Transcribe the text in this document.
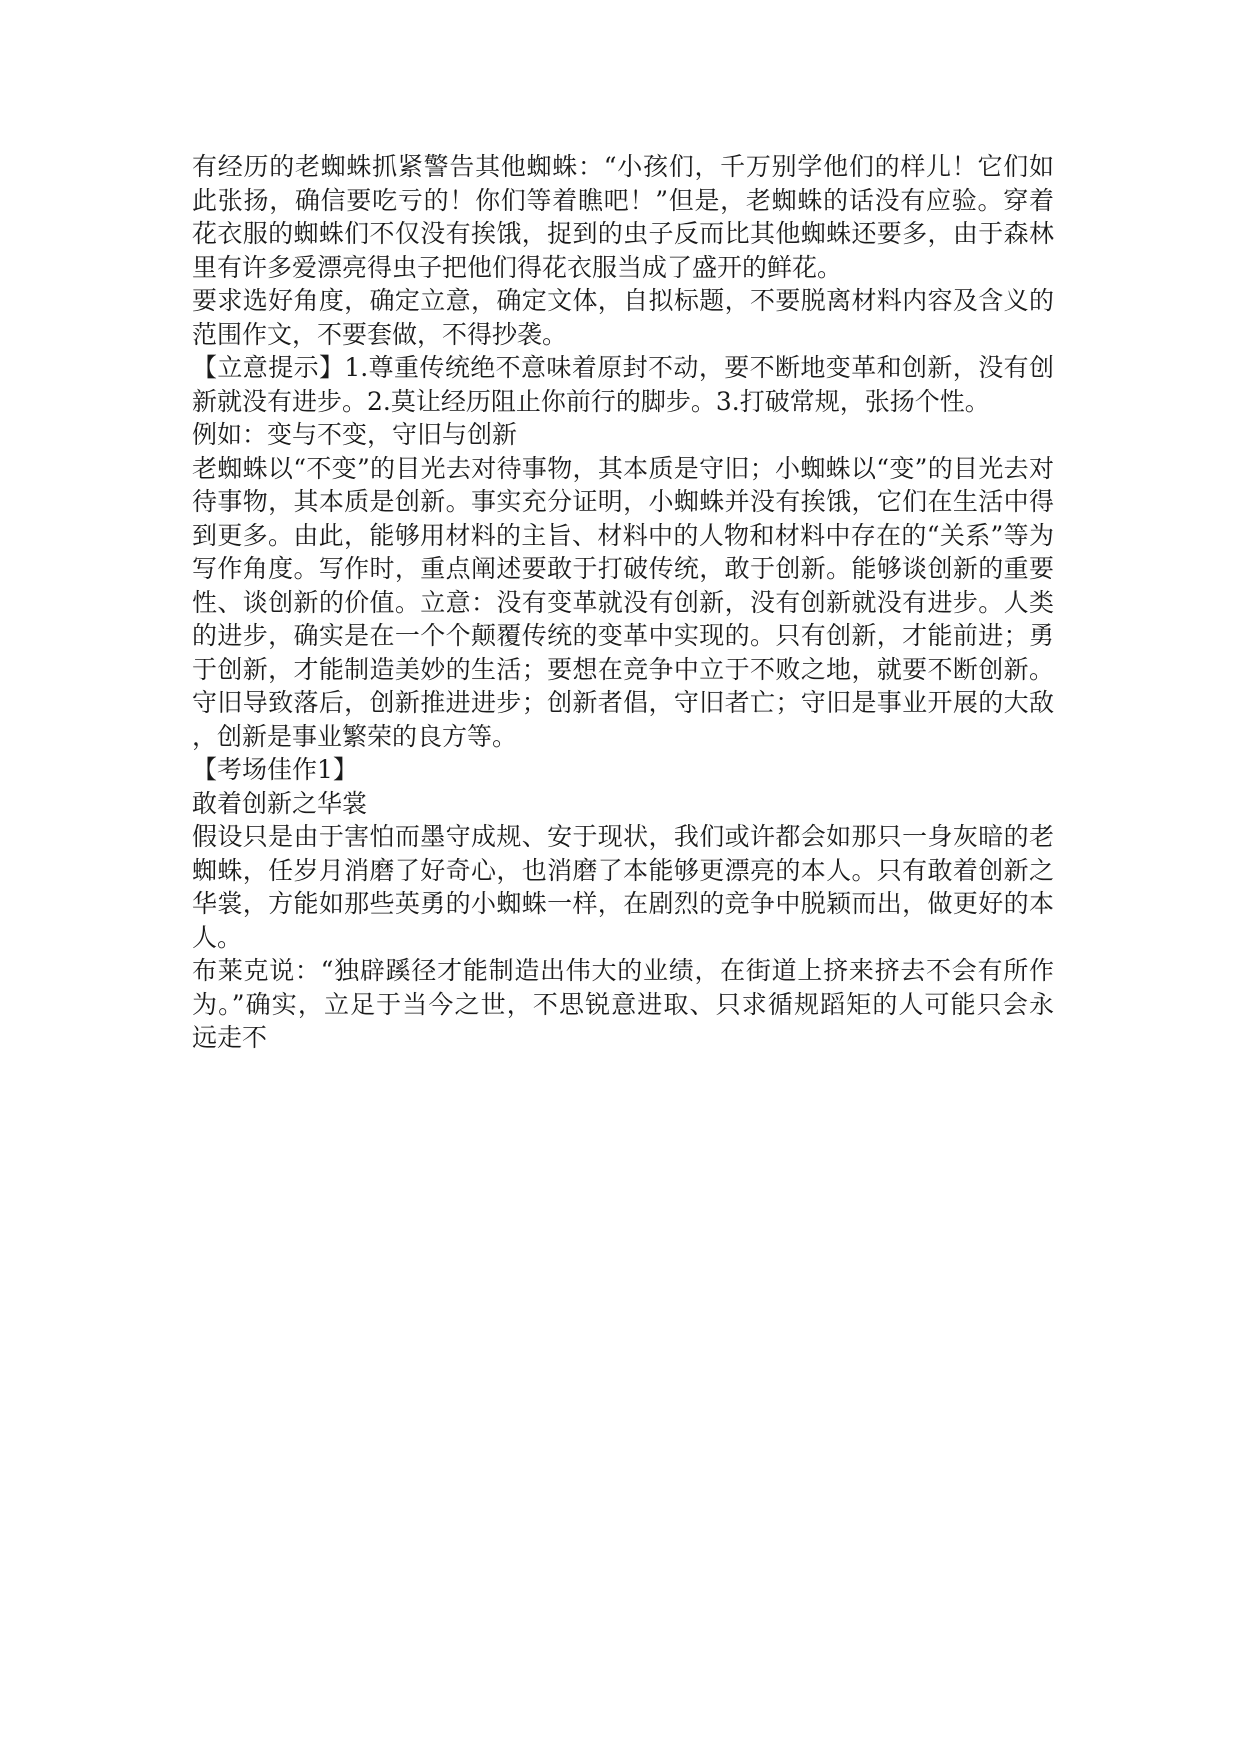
有经历的老蜘蛛抓紧警告其他蜘蛛：“小孩们，千万别学他们的样儿！它们如
此张扬，确信要吃亏的！你们等着瞧吧！”但是，老蜘蛛的话没有应验。穿着
花衣服的蜘蛛们不仅没有挨饿，捉到的虫子反而比其他蜘蛛还要多，由于森林
里有许多爱漂亮得虫子把他们得花衣服当成了盛开的鲜花。
要求选好角度，确定立意，确定文体，自拟标题，不要脱离材料内容及含义的
范围作文，不要套做，不得抄袭。
【立意提示】1.尊重传统绝不意味着原封不动，要不断地变革和创新，没有创
新就没有进步。2.莫让经历阻止你前行的脚步。3.打破常规，张扬个性。
例如：变与不变，守旧与创新
老蜘蛛以“不变”的目光去对待事物，其本质是守旧；小蜘蛛以“变”的目光去对
待事物，其本质是创新。事实充分证明，小蜘蛛并没有挨饿，它们在生活中得
到更多。由此，能够用材料的主旨、材料中的人物和材料中存在的“关系”等为
写作角度。写作时，重点阐述要敢于打破传统，敢于创新。能够谈创新的重要
性、谈创新的价值。立意：没有变革就没有创新，没有创新就没有进步。人类
的进步，确实是在一个个颠覆传统的变革中实现的。只有创新，才能前进；勇
于创新，才能制造美妙的生活；要想在竞争中立于不败之地，就要不断创新。
守旧导致落后，创新推进进步；创新者倡，守旧者亡；守旧是事业开展的大敌
，创新是事业繁荣的良方等。
【考场佳作1】
敢着创新之华裳
假设只是由于害怕而墨守成规、安于现状，我们或许都会如那只一身灰暗的老
蜘蛛，任岁月消磨了好奇心，也消磨了本能够更漂亮的本人。只有敢着创新之
华裳，方能如那些英勇的小蜘蛛一样，在剧烈的竞争中脱颖而出，做更好的本
人。
布莱克说：“独辟蹊径才能制造出伟大的业绩，在街道上挤来挤去不会有所作
为。”确实，立足于当今之世，不思锐意进取、只求循规蹈矩的人可能只会永
远走不
